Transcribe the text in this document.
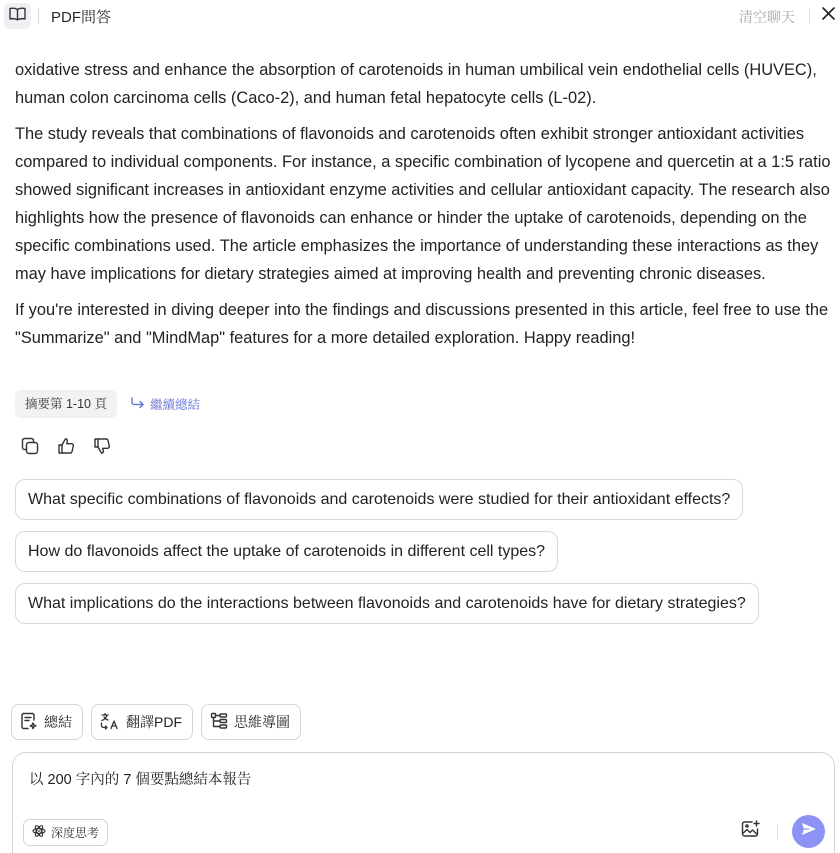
PDF問答	清空聊天

oxidative stress and enhance the absorption of carotenoids in human umbilical vein endothelial cells (HUVEC), human colon carcinoma cells (Caco-2), and human fetal hepatocyte cells (L-02).

The study reveals that combinations of flavonoids and carotenoids often exhibit stronger antioxidant activities compared to individual components. For instance, a specific combination of lycopene and quercetin at a 1:5 ratio showed significant increases in antioxidant enzyme activities and cellular antioxidant capacity. The research also highlights how the presence of flavonoids can enhance or hinder the uptake of carotenoids, depending on the specific combinations used. The article emphasizes the importance of understanding these interactions as they may have implications for dietary strategies aimed at improving health and preventing chronic diseases.

If you're interested in diving deeper into the findings and discussions presented in this article, feel free to use the "Summarize" and "MindMap" features for a more detailed exploration. Happy reading!

摘要第 1-10 頁	繼續總結
What specific combinations of flavonoids and carotenoids were studied for their antioxidant effects?
How do flavonoids affect the uptake of carotenoids in different cell types?
What implications do the interactions between flavonoids and carotenoids have for dietary strategies?
總結	翻譯PDF	思維導圖
以 200 字內的 7 個要點總結本報告
深度思考
